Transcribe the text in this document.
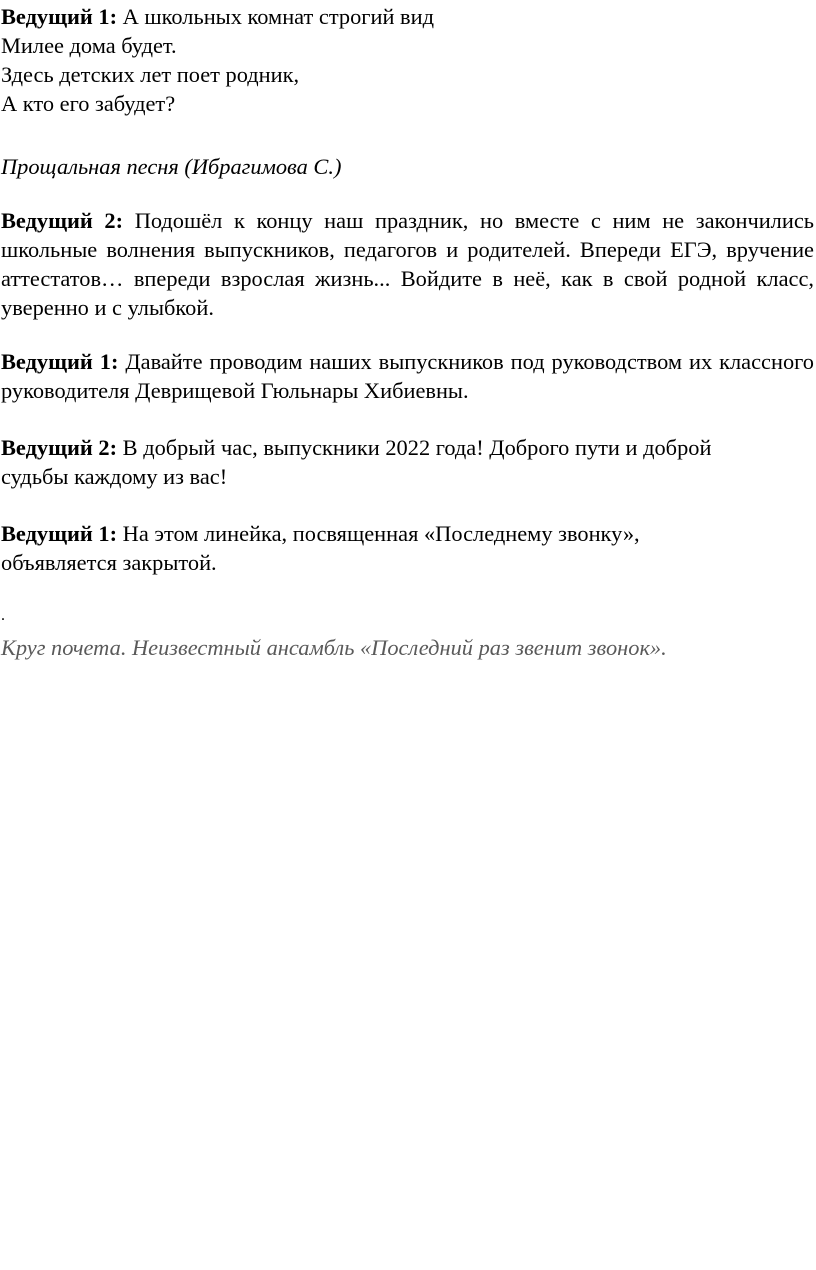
Ведущий 1: А школьных комнат строгий вид

Милее дома будет.

Здесь детских лет поет родник,

А кто его забудет?

Прощальная песня (Ибрагимова С.)

Ведущий 2: Подошёл к концу наш праздник, но вместе с ним не закончились школьные волнения выпускников, педагогов и родителей. Впереди ЕГЭ, вручение аттестатов… впереди взрослая жизнь... Войдите в неё, как в свой родной класс, уверенно и с улыбкой.

Ведущий 1: Давайте проводим наших выпускников под руководством их классного руководителя Деврищевой Гюльнары Хибиевны.

Ведущий 2: В добрый час, выпускники 2022 года! Доброго пути и доброй

судьбы каждому из вас!

Ведущий 1: На этом линейка, посвященная «Последнему звонку»,

объявляется закрытой.

.

Круг почета. Неизвестный ансамбль «Последний раз звенит звонок».
